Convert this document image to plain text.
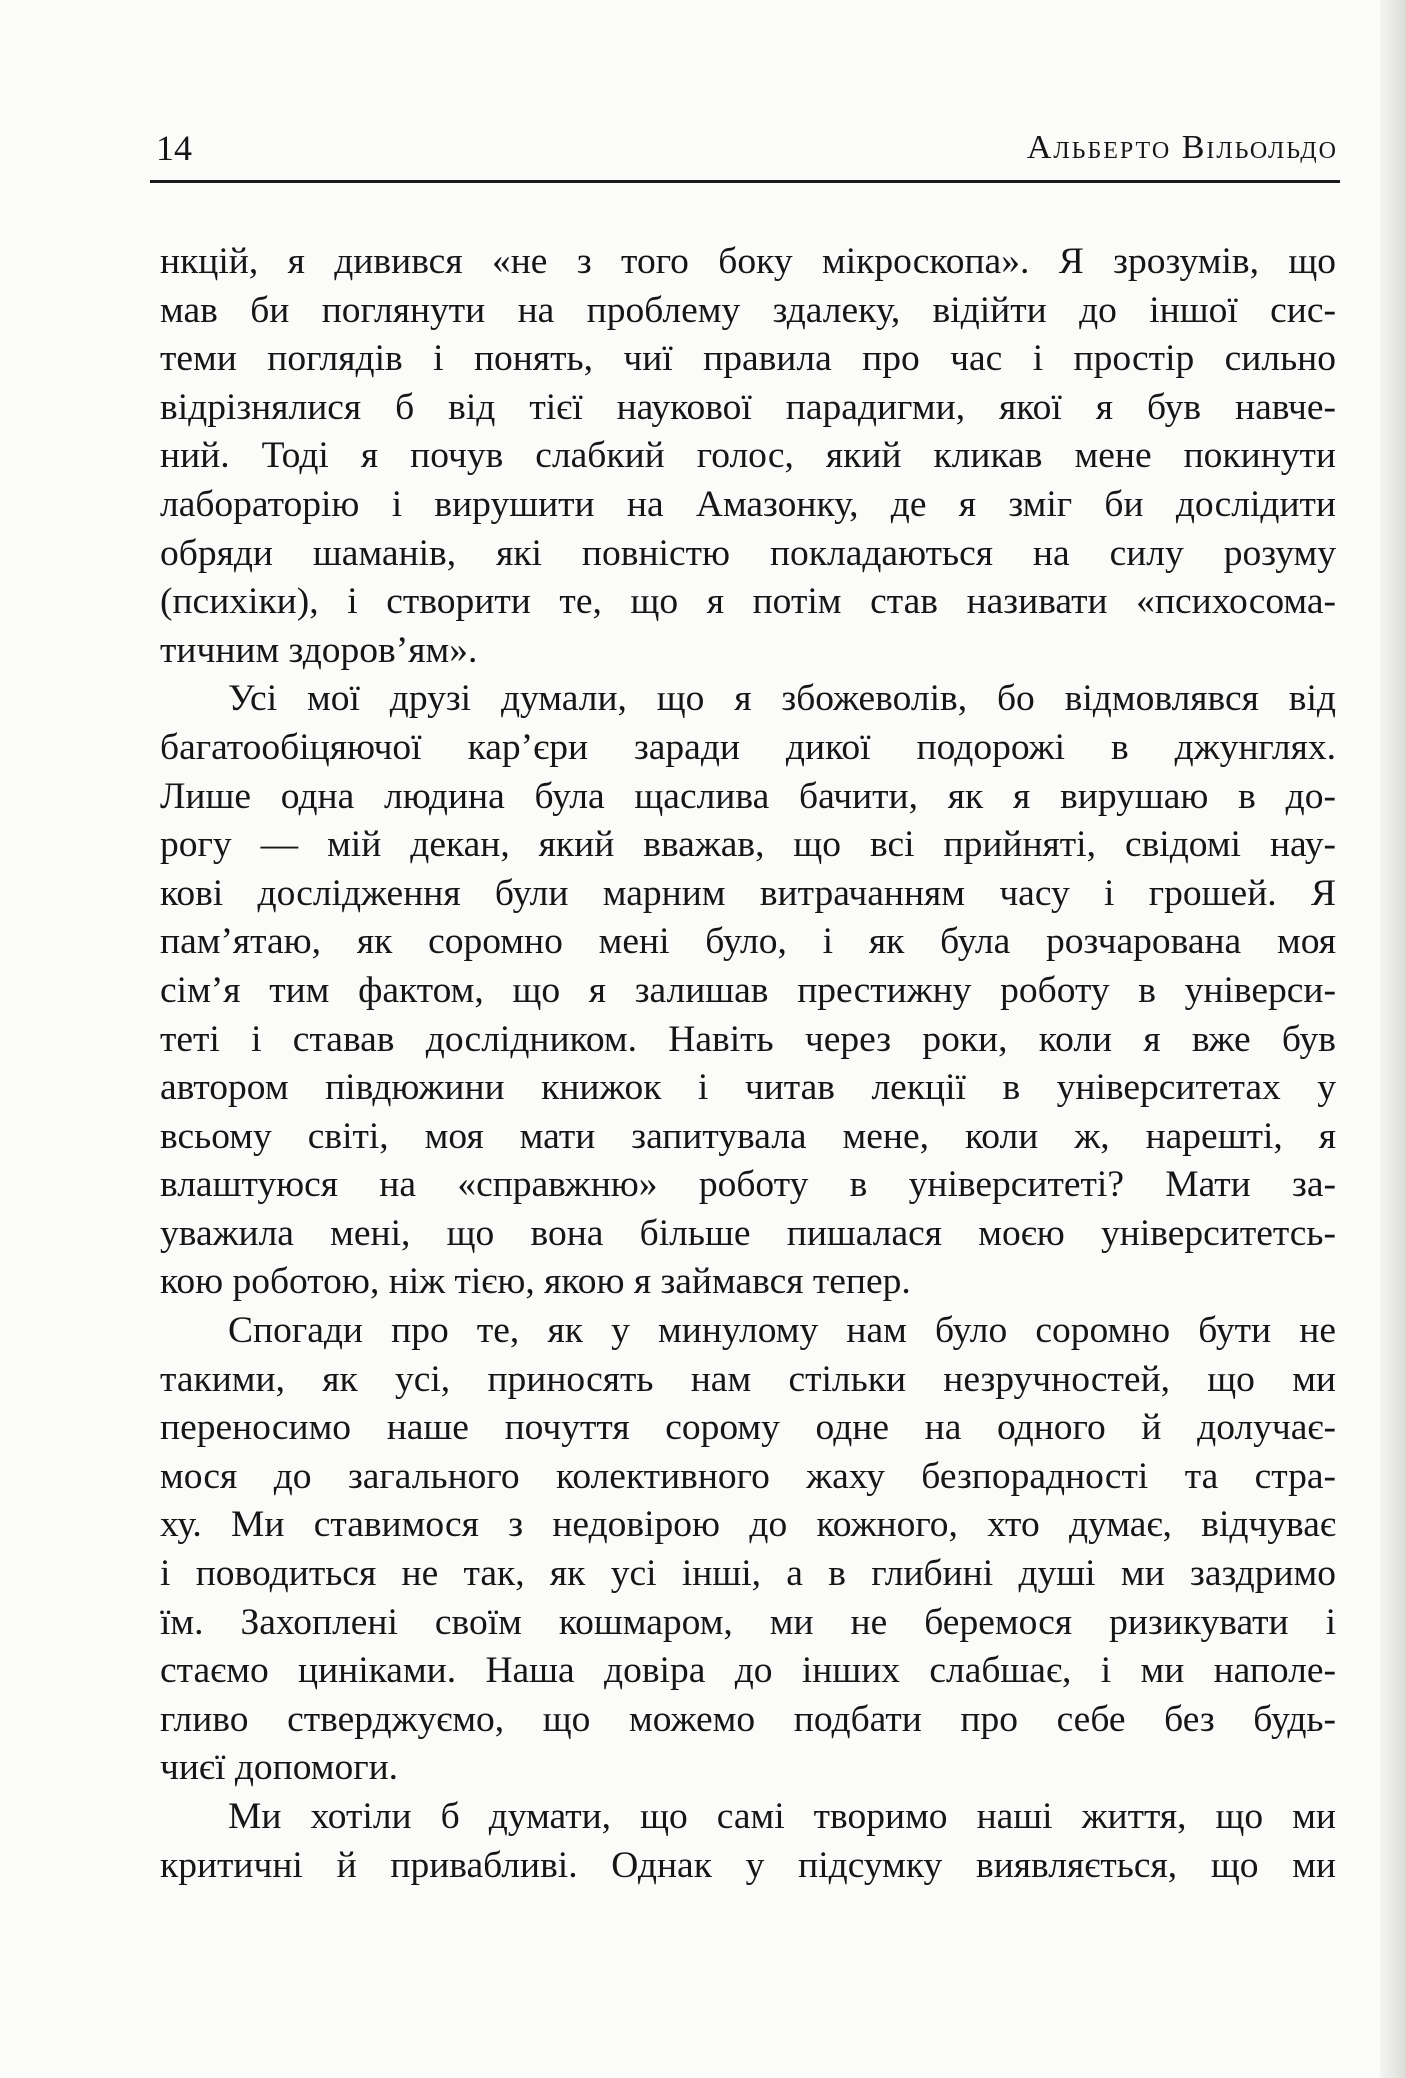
14	Альберто Вільольдо
нкцій, я дивився «не з того боку мікроскопа». Я зрозумів, що
мав би поглянути на проблему здалеку, відійти до іншої сис-
теми поглядів і понять, чиї правила про час і простір сильно
відрізнялися б від тієї наукової парадигми, якої я був навче-
ний. Тоді я почув слабкий голос, який кликав мене покинути
лабораторію і вирушити на Амазонку, де я зміг би дослідити
обряди шаманів, які повністю покладаються на силу розуму
(психіки), і створити те, що я потім став називати «психосома-
тичним здоров’ям».
Усі мої друзі думали, що я збожеволів, бо відмовлявся від
багатообіцяючої кар’єри заради дикої подорожі в джунглях.
Лише одна людина була щаслива бачити, як я вирушаю в до-
рогу — мій декан, який вважав, що всі прийняті, свідомі нау-
кові дослідження були марним витрачанням часу і грошей. Я
пам’ятаю, як соромно мені було, і як була розчарована моя
сім’я тим фактом, що я залишав престижну роботу в універси-
теті і ставав дослідником. Навіть через роки, коли я вже був
автором півдюжини книжок і читав лекції в університетах у
всьому світі, моя мати запитувала мене, коли ж, нарешті, я
влаштуюся на «справжню» роботу в університеті? Мати за-
уважила мені, що вона більше пишалася моєю університетсь-
кою роботою, ніж тією, якою я займався тепер.
Спогади про те, як у минулому нам було соромно бути не
такими, як усі, приносять нам стільки незручностей, що ми
переносимо наше почуття сорому одне на одного й долучає-
мося до загального колективного жаху безпорадності та стра-
ху. Ми ставимося з недовірою до кожного, хто думає, відчуває
і поводиться не так, як усі інші, а в глибині душі ми заздримо
їм. Захоплені своїм кошмаром, ми не беремося ризикувати і
стаємо циніками. Наша довіра до інших слабшає, і ми наполе-
гливо стверджуємо, що можемо подбати про себе без будь-
чиєї допомоги.
Ми хотіли б думати, що самі творимо наші життя, що ми
критичні й привабливі. Однак у підсумку виявляється, що ми
